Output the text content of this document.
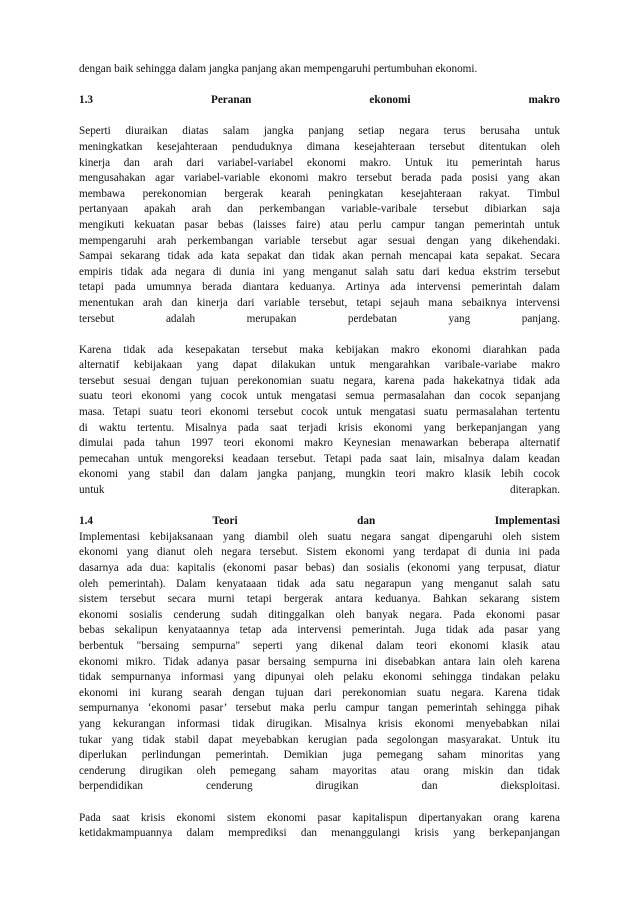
dengan baik sehingga dalam jangka panjang akan mempengaruhi pertumbuhan ekonomi.
1.3	Peranan	ekonomi	makro
Seperti diuraikan diatas salam jangka panjang setiap negara terus berusaha untuk
meningkatkan kesejahteraan penduduknya dimana kesejahteraan tersebut ditentukan oleh
kinerja dan arah dari variabel-variabel ekonomi makro. Untuk itu pemerintah harus
mengusahakan agar variabel-variable ekonomi makro tersebut berada pada posisi yang akan
membawa perekonomian bergerak kearah peningkatan kesejahteraan rakyat. Timbul
pertanyaan apakah arah dan perkembangan variable-varibale tersebut dibiarkan saja
mengikuti kekuatan pasar bebas (laisses faire) atau perlu campur tangan pemerintah untuk
mempengaruhi arah perkembangan variable tersebut agar sesuai dengan yang dikehendaki.
Sampai sekarang tidak ada kata sepakat dan tidak akan pernah mencapai kata sepakat. Secara
empiris tidak ada negara di dunia ini yang menganut salah satu dari kedua ekstrim tersebut
tetapi pada umumnya berada diantara keduanya. Artinya ada intervensi pemerintah dalam
menentukan arah dan kinerja dari variable tersebut, tetapi sejauh mana sebaiknya intervensi
tersebut adalah merupakan perdebatan yang panjang.
Karena tidak ada kesepakatan tersebut maka kebijakan makro ekonomi diarahkan pada
alternatif kebijakaan yang dapat dilakukan untuk mengarahkan varibale-variabe makro
tersebut sesuai dengan tujuan perekonomian suatu negara, karena pada hakekatnya tidak ada
suatu teori ekonomi yang cocok untuk mengatasi semua permasalahan dan cocok sepanjang
masa. Tetapi suatu teori ekonomi tersebut cocok untuk mengatasi suatu permasalahan tertentu
di waktu tertentu. Misalnya pada saat terjadi krisis ekonomi yang berkepanjangan yang
dimulai pada tahun 1997 teori ekonomi makro Keynesian menawarkan beberapa alternatif
pemecahan untuk mengoreksi keadaan tersebut. Tetapi pada saat lain, misalnya dalam keadan
ekonomi yang stabil dan dalam jangka panjang, mungkin teori makro klasik lebih cocok
untuk diterapkan.
1.4	Teori	dan	Implementasi
Implementasi kebijaksanaan yang diambil oleh suatu negara sangat dipengaruhi oleh sistem
ekonomi yang dianut oleh negara tersebut. Sistem ekonomi yang terdapat di dunia ini pada
dasarnya ada dua: kapitalis (ekonomi pasar bebas) dan sosialis (ekonomi yang terpusat, diatur
oleh pemerintah). Dalam kenyataaan tidak ada satu negarapun yang menganut salah satu
sistem tersebut secara murni tetapi bergerak antara keduanya. Bahkan sekarang sistem
ekonomi sosialis cenderung sudah ditinggalkan oleh banyak negara. Pada ekonomi pasar
bebas sekalipun kenyataannya tetap ada intervensi pemerintah. Juga tidak ada pasar yang
berbentuk "bersaing sempurna" seperti yang dikenal dalam teori ekonomi klasik atau
ekonomi mikro. Tidak adanya pasar bersaing sempurna ini disebabkan antara lain oleh karena
tidak sempurnanya informasi yang dipunyai oleh pelaku ekonomi sehingga tindakan pelaku
ekonomi ini kurang searah dengan tujuan dari perekonomian suatu negara. Karena tidak
sempurnanya ‘ekonomi pasar’ tersebut maka perlu campur tangan pemerintah sehingga pihak
yang kekurangan informasi tidak dirugikan. Misalnya krisis ekonomi menyebabkan nilai
tukar yang tidak stabil dapat meyebabkan kerugian pada segolongan masyarakat. Untuk itu
diperlukan perlindungan pemerintah. Demikian juga pemegang saham minoritas yang
cenderung dirugikan oleh pemegang saham mayoritas atau orang miskin dan tidak
berpendidikan cenderung dirugikan dan dieksploitasi.
Pada saat krisis ekonomi sistem ekonomi pasar kapitalispun dipertanyakan orang karena
ketidakmampuannya dalam memprediksi dan menanggulangi krisis yang berkepanjangan
